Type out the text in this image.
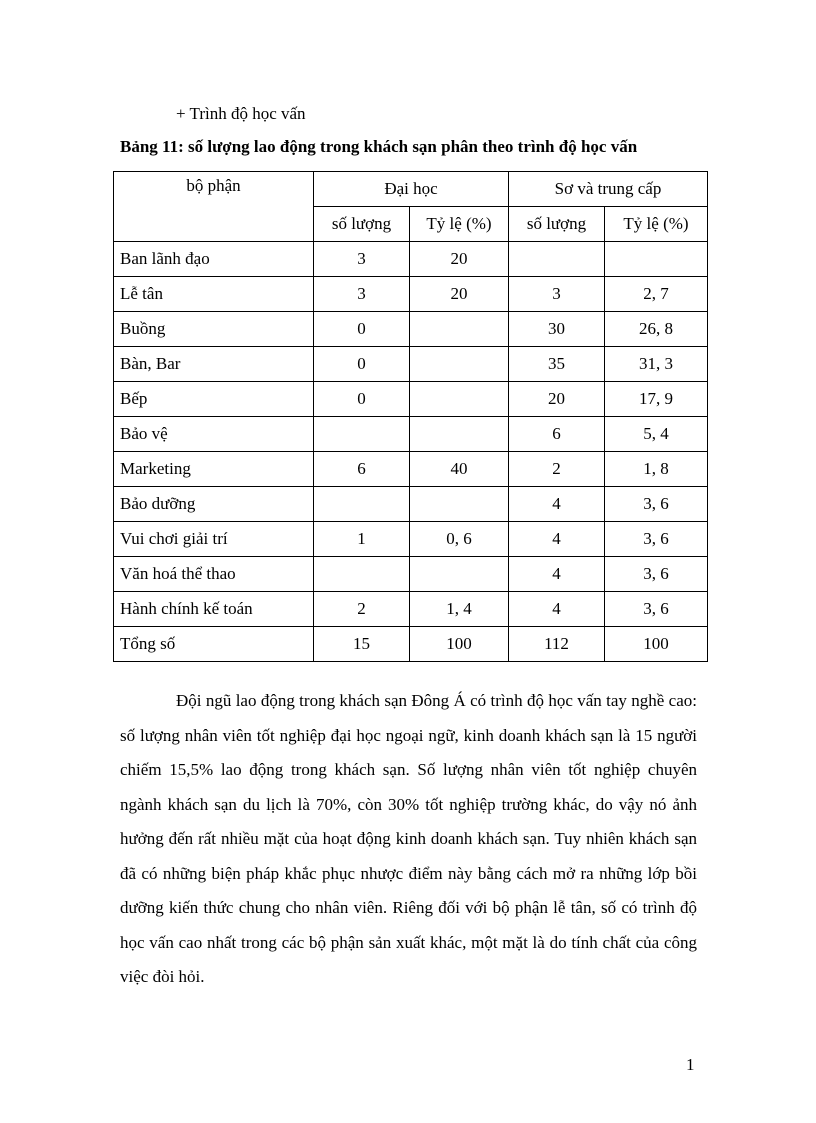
+ Trình độ học vấn
Bảng 11: số lượng lao động trong khách sạn phân theo trình độ học vấn
bộ phận	Đại học		Sơ và trung cấp	
	số lượng	Tỷ lệ (%)	số lượng	Tỷ lệ (%)
Ban lãnh đạo	3	20		
Lễ tân	3	20	3	2, 7
Buồng	0		30	26, 8
Bàn, Bar	0		35	31, 3
Bếp	0		20	17, 9
Bảo vệ			6	5, 4
Marketing	6	40	2	1, 8
Bảo dưỡng			4	3, 6
Vui chơi giải trí	1	0, 6	4	3, 6
Văn hoá thể thao			4	3, 6
Hành chính kế toán	2	1, 4	4	3, 6
Tổng số	15	100	112	100

Đội ngũ lao động trong khách sạn Đông Á có trình độ học vấn tay nghề cao: số lượng nhân viên tốt nghiệp đại học ngoại ngữ, kinh doanh khách sạn là 15 người chiếm 15,5% lao động trong khách sạn. Số lượng nhân viên tốt nghiệp chuyên ngành khách sạn du lịch là 70%, còn 30% tốt nghiệp trường khác, do vậy nó ảnh hưởng đến rất nhiều mặt của hoạt động kinh doanh khách sạn. Tuy nhiên khách sạn đã có những biện pháp khắc phục nhược điểm này bằng cách mở ra những lớp bồi dưỡng kiến thức chung cho nhân viên. Riêng đối với bộ phận lễ tân, số có trình độ học vấn cao nhất trong các bộ phận sản xuất khác, một mặt là do tính chất của công việc đòi hỏi.

1
